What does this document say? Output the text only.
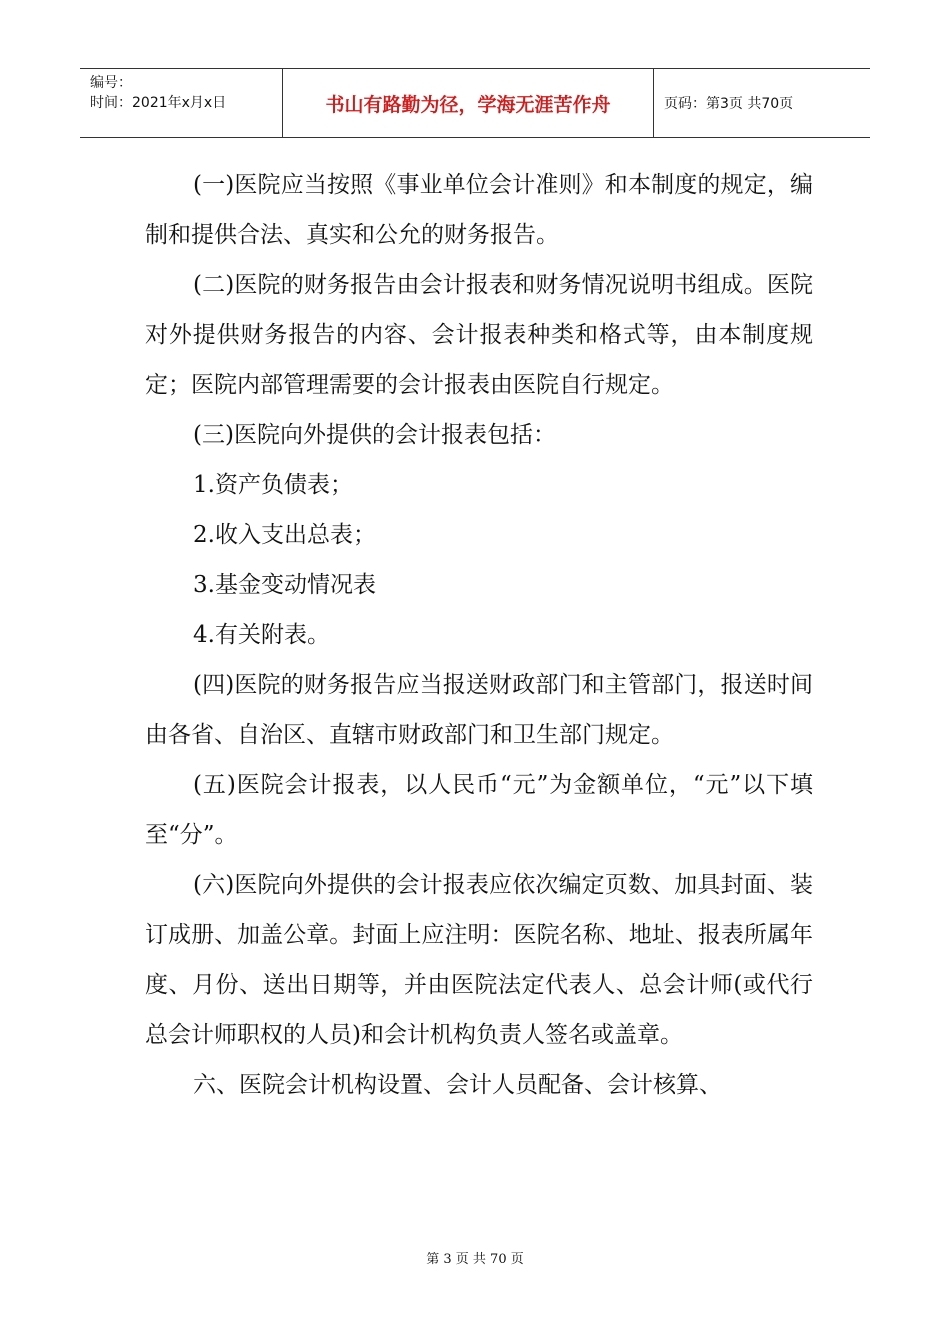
编号：
时间：2021年x月x日	书山有路勤为径，学海无涯苦作舟	页码：第3页 共70页

(一)医院应当按照《事业单位会计准则》和本制度的规定，编制和提供合法、真实和公允的财务报告。

(二)医院的财务报告由会计报表和财务情况说明书组成。医院对外提供财务报告的内容、会计报表种类和格式等，由本制度规定；医院内部管理需要的会计报表由医院自行规定。

(三)医院向外提供的会计报表包括：

1.资产负债表；

2.收入支出总表；

3.基金变动情况表

4.有关附表。

(四)医院的财务报告应当报送财政部门和主管部门，报送时间由各省、自治区、直辖市财政部门和卫生部门规定。

(五)医院会计报表，以人民币“元”为金额单位，“元”以下填至“分”。

(六)医院向外提供的会计报表应依次编定页数、加具封面、装订成册、加盖公章。封面上应注明：医院名称、地址、报表所属年度、月份、送出日期等，并由医院法定代表人、总会计师(或代行总会计师职权的人员)和会计机构负责人签名或盖章。

六、医院会计机构设置、会计人员配备、会计核算、

第 3 页 共 70 页
